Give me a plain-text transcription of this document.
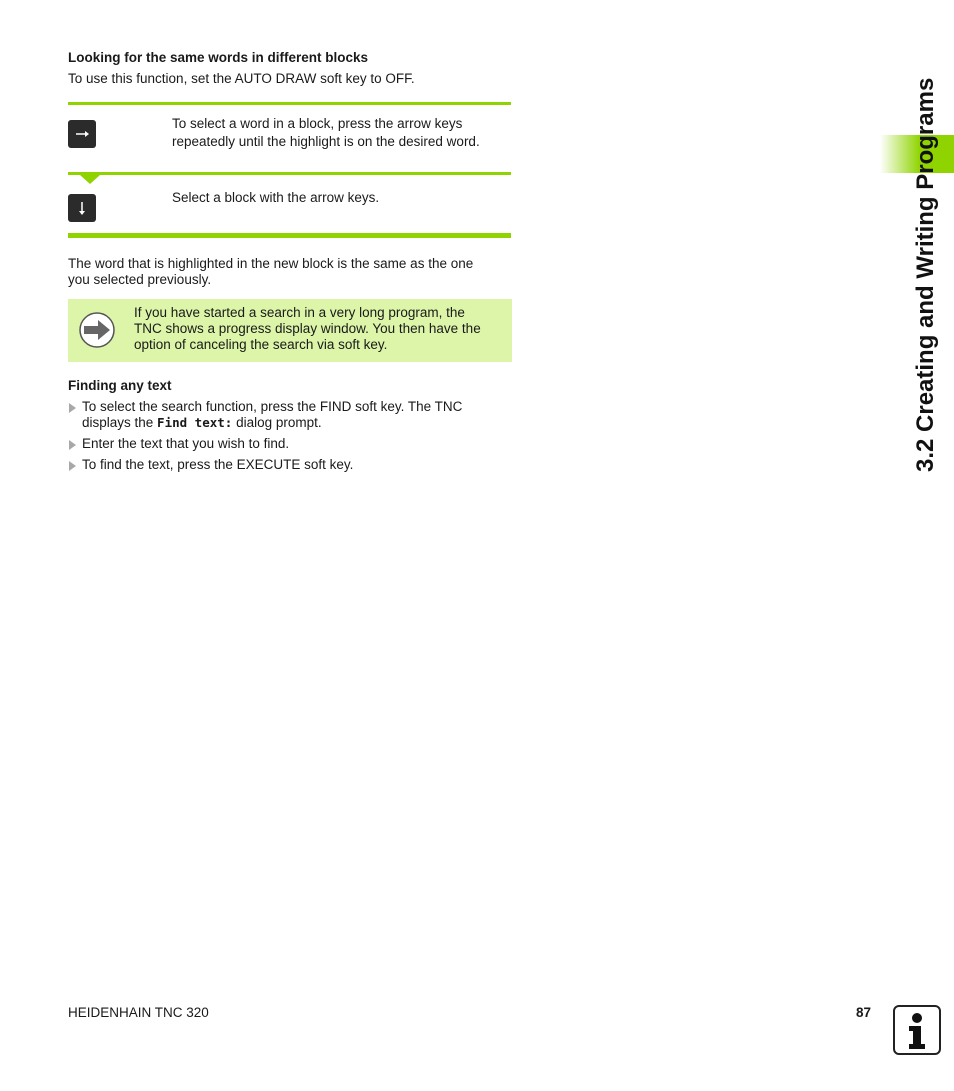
Looking for the same words in different blocks
To use this function, set the AUTO DRAW soft key to OFF.
To select a word in a block, press the arrow keys
repeatedly until the highlight is on the desired word.
Select a block with the arrow keys.
The word that is highlighted in the new block is the same as the one
you selected previously.
If you have started a search in a very long program, the
TNC shows a progress display window. You then have the
option of canceling the search via soft key.
Finding any text
To select the search function, press the FIND soft key. The TNC
displays the Find text: dialog prompt.
Enter the text that you wish to find.
To find the text, press the EXECUTE soft key.	3.2 Creating and Writing Programs
HEIDENHAIN TNC 320	87
